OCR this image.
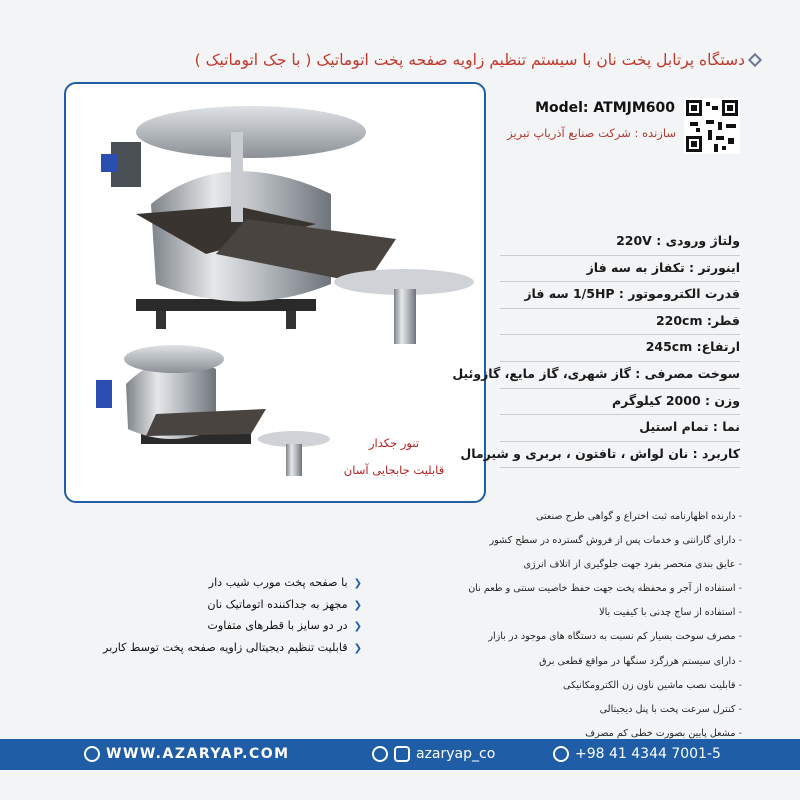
دستگاه پرتابل پخت نان با سیستم تنظیم زاویه صفحه پخت اتوماتیک ( با جک اتوماتیک )
تنور جکدار
قابلیت جابجایی آسان
Model: ATMJM600
سازنده : شرکت صنایع آذریاپ تبریز
ولتاژ ورودی : 220V
اینورتر : تکفاز به سه فاز
قدرت الکتروموتور : 1/5HP سه فاز
قطر: 220cm
ارتفاع: 245cm
سوخت مصرفی : گاز شهری، گاز مایع، گازوئیل
وزن : 2000 کیلوگرم
نما : تمام استیل
کاربرد : نان لواش ، تافتون ، بربری و شیرمال
- دارنده اظهارنامه ثبت اختراع و گواهی طرح صنعتی
- دارای گارانتی و خدمات پس از فروش گسترده در سطح کشور
- عایق بندی منحصر بفرد جهت جلوگیری از اتلاف انرژی
- استفاده از آجر و محفظه پخت جهت حفظ خاصیت سنتی و طعم نان
- استفاده از ساج چدنی با کیفیت بالا
- مصرف سوخت بسیار کم نسبت به دستگاه های موجود در بازار
- دارای سیستم هرزگرد سنگها در مواقع قطعی برق
- قابلیت نصب ماشین ناون زن الکترومکانیکی
- کنترل سرعت پخت با پنل دیجیتالی
- مشعل پایین بصورت خطی کم مصرف
❮با صفحه پخت مورب شیب دار
❮مجهز به جداکننده اتوماتیک نان
❮در دو سایز با قطرهای متفاوت
❮قابلیت تنظیم دیجیتالی زاویه صفحه پخت توسط کاربر
WWW.AZARYAP.COM	azaryap_co	+98 41 4344 7001-5
